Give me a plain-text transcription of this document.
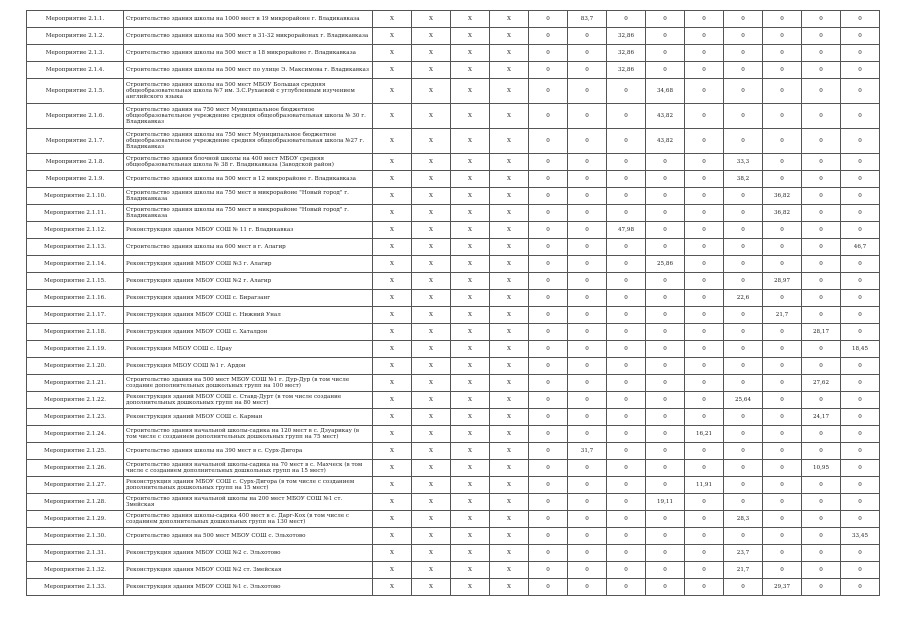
Мероприятие 2.1.1.	Строительство здания школы на 1000 мест в 19 микрорайоне г. Владикавказа	X	X	X	X	0	83,7	0	0	0	0	0	0	0
Мероприятие 2.1.2.	Строительство здания школы на 500 мест в 31-32 микрорайонах г. Владикавказа	X	X	X	X	0	0	32,86	0	0	0	0	0	0
Мероприятие 2.1.3.	Строительство здания школы на 500 мест в 18 микрорайоне г. Владикавказа	X	X	X	X	0	0	32,86	0	0	0	0	0	0
Мероприятие 2.1.4.	Строительство здания школы на 500 мест по улице Э. Максимова г. Владикавказ	X	X	X	X	0	0	32,86	0	0	0	0	0	0
Мероприятие 2.1.5.	Строительство здания школы на 500 мест МБОУ Большая средняя общеобразовательная школа №7 им. З.С.Рухаевой с углубленным изучением английского языка	X	X	X	X	0	0	0	34,68	0	0	0	0	0
Мероприятие 2.1.6.	Строительство здания на 750 мест Муниципальное бюджетное общеобразовательное учреждение средняя общеобразовательная школа № 30 г. Владикавказ	X	X	X	X	0	0	0	43,82	0	0	0	0	0
Мероприятие 2.1.7.	Строительство здания школы на 750 мест Муниципальное бюджетное общеобразовательное учреждение средняя общеобразовательная школа №27 г. Владикавказ	X	X	X	X	0	0	0	43,82	0	0	0	0	0
Мероприятие 2.1.8.	Строительство здания блочной школы на 400 мест МБОУ средняя общеобразовательная школа № 38 г. Владикавказа (Заводской район)	X	X	X	X	0	0	0	0	0	33,3	0	0	0
Мероприятие 2.1.9.	Строительство здания школы на 500 мест в 12 микрорайоне г. Владикавказа	X	X	X	X	0	0	0	0	0	38,2	0	0	0
Мероприятие 2.1.10.	Строительство здания школы на 750 мест в микрорайоне "Новый город" г. Владикавказа	X	X	X	X	0	0	0	0	0	0	36,82	0	0
Мероприятие 2.1.11.	Строительство здания школы на 750 мест в микрорайоне "Новый город" г. Владикавказа	X	X	X	X	0	0	0	0	0	0	36,82	0	0
Мероприятие 2.1.12.	Реконструкция здания МБОУ СОШ № 11 г. Владикавказ	X	X	X	X	0	0	47,98	0	0	0	0	0	0
Мероприятие 2.1.13.	Строительство здания школы на 600 мест в г. Алагир	X	X	X	X	0	0	0	0	0	0	0	0	46,7
Мероприятие 2.1.14.	Реконструкция зданий МБОУ СОШ №3 г. Алагир	X	X	X	X	0	0	0	25,86	0	0	0	0	0
Мероприятие 2.1.15.	Реконструкция здания МБОУ СОШ №2 г. Алагир	X	X	X	X	0	0	0	0	0	0	28,97	0	0
Мероприятие 2.1.16.	Реконструкция здания МБОУ СОШ с. Бирагзанг	X	X	X	X	0	0	0	0	0	22,6	0	0	0
Мероприятие 2.1.17.	Реконструкция здания МБОУ СОШ с. Нижний Унал	X	X	X	X	0	0	0	0	0	0	21,7	0	0
Мероприятие 2.1.18.	Реконструкция здания МБОУ СОШ с. Хаталдон	X	X	X	X	0	0	0	0	0	0	0	28,17	0
Мероприятие 2.1.19.	Реконструкция МБОУ СОШ с. Црау	X	X	X	X	0	0	0	0	0	0	0	0	18,45
Мероприятие 2.1.20.	Реконструкция МБОУ СОШ №1 г. Ардон	X	X	X	X	0	0	0	0	0	0	0	0	0
Мероприятие 2.1.21.	Строительство здания на 500 мест МБОУ СОШ №1 г. Дур-Дур (в том числе создание дополнительных дошкольных групп на 100 мест)	X	X	X	X	0	0	0	0	0	0	0	27,62	0
Мероприятие 2.1.22.	Реконструкция зданий МБОУ СОШ с. Ставд-Дурт (в том числе создание дополнительных дошкольных групп на 80 мест)	X	X	X	X	0	0	0	0	0	25,64	0	0	0
Мероприятие 2.1.23.	Реконструкция зданий МБОУ СОШ с. Карман	X	X	X	X	0	0	0	0	0	0	0	24,17	0
Мероприятие 2.1.24.	Строительство здания начальной школы-садика на 120 мест в с. Дзуарикау (в том числе с созданием дополнительных дошкольных групп на 75 мест)	X	X	X	X	0	0	0	0	16,21	0	0	0	0
Мероприятие 2.1.25.	Строительство здания школы на 390 мест в с. Сурх-Дигора	X	X	X	X	0	31,7	0	0	0	0	0	0	0
Мероприятие 2.1.26.	Строительство здания начальной школы-садика на 70 мест в с. Махческ (в том числе с созданием дополнительных дошкольных групп на 15 мест)	X	X	X	X	0	0	0	0	0	0	0	10,95	0
Мероприятие 2.1.27.	Реконструкция здания МБОУ СОШ с. Сурх-Дигора (в том числе с созданием дополнительных дошкольных групп на 15 мест)	X	X	X	X	0	0	0	0	11,91	0	0	0	0
Мероприятие 2.1.28.	Строительство здания начальной школы на 200 мест МБОУ СОШ №1 ст. Змейская	X	X	X	X	0	0	0	19,11	0	0	0	0	0
Мероприятие 2.1.29.	Строительство здания школы-садика 400 мест в с. Дарг-Кох (в том числе с созданием дополнительных дошкольных групп на 130 мест)	X	X	X	X	0	0	0	0	0	28,3	0	0	0
Мероприятие 2.1.30.	Строительство здания на 500 мест МБОУ СОШ с. Эльхотово	X	X	X	X	0	0	0	0	0	0	0	0	33,45
Мероприятие 2.1.31.	Реконструкция здания МБОУ СОШ №2 с. Эльхотово	X	X	X	X	0	0	0	0	0	23,7	0	0	0
Мероприятие 2.1.32.	Реконструкция здания МБОУ СОШ №2 ст. Змейская	X	X	X	X	0	0	0	0	0	21,7	0	0	0
Мероприятие 2.1.33.	Реконструкция здания МБОУ СОШ №1 с. Эльхотово	X	X	X	X	0	0	0	0	0	0	29,37	0	0
